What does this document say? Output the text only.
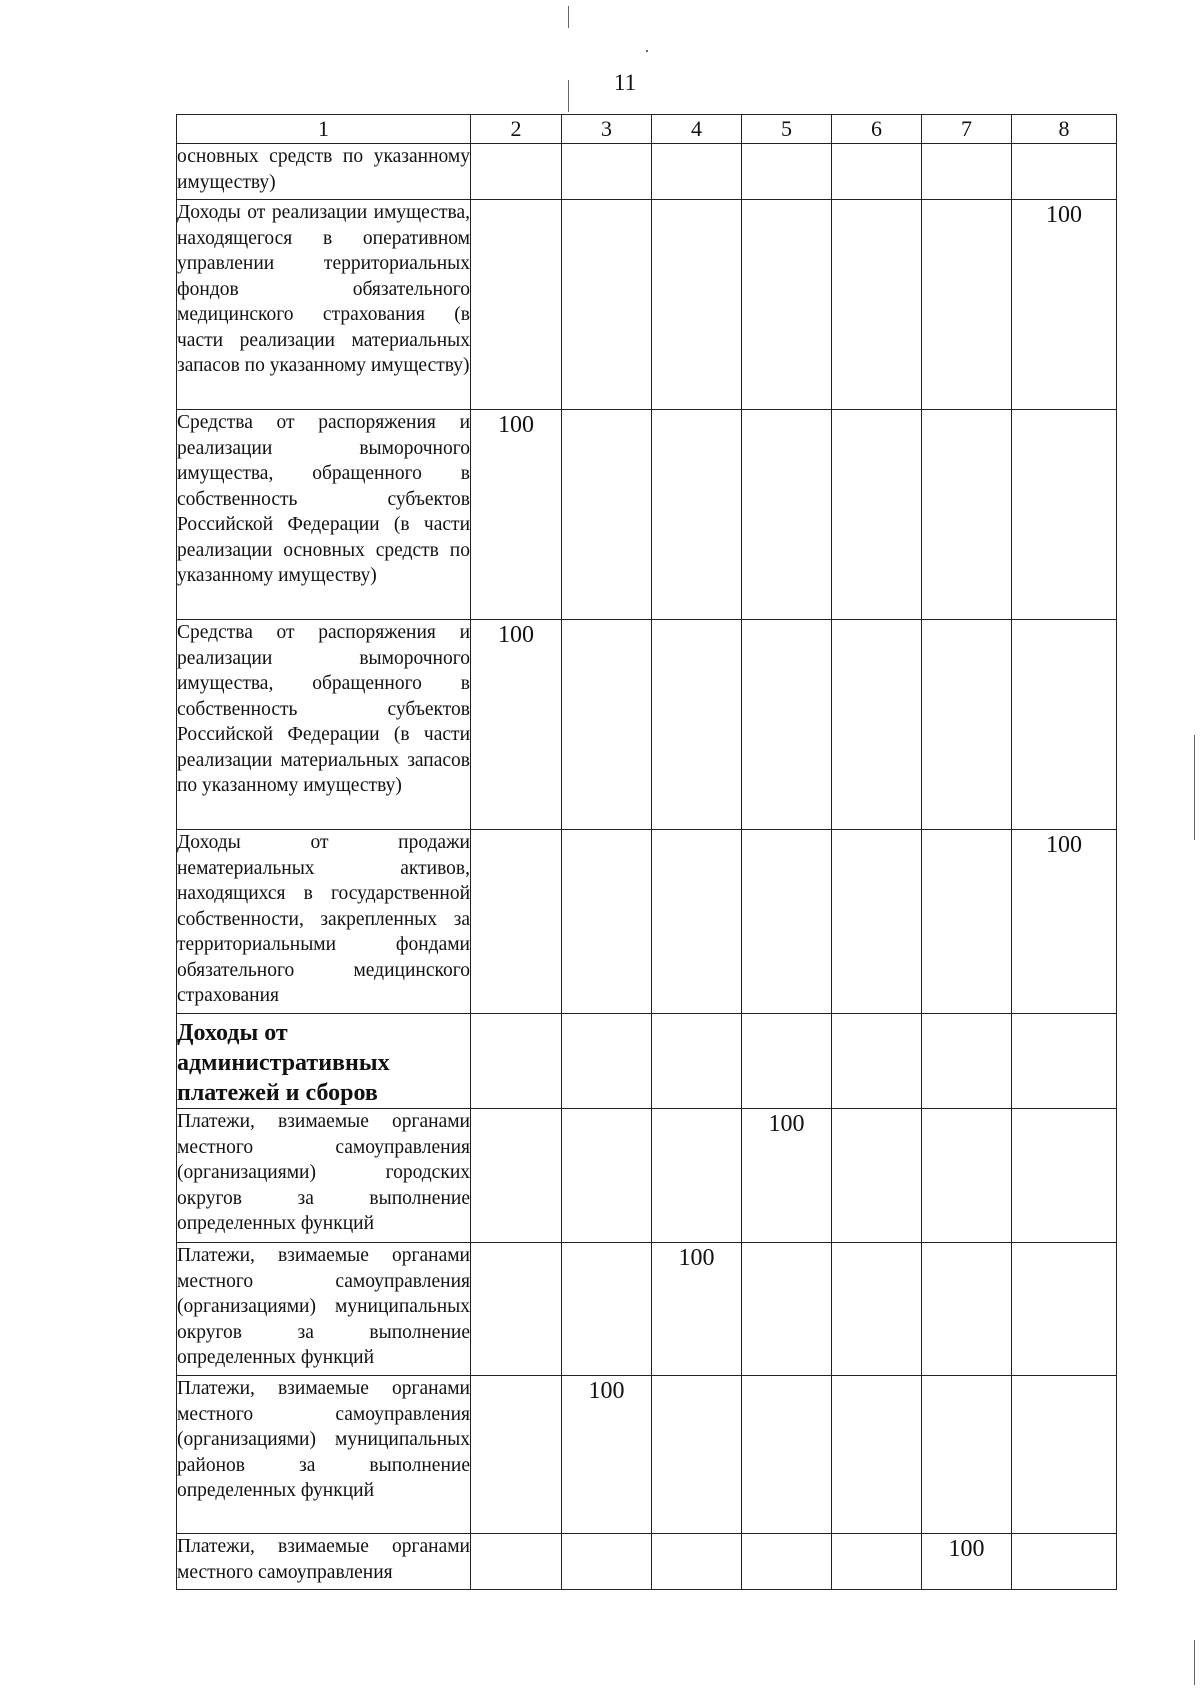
11
1	2	3	4	5	6	7	8
основных средств по указанному имуществу)							
Доходы от реализации имущества, находящегося в оперативном управлении территориальных фондов обязательного медицинского страхования (в части реализации материальных запасов по указанному имуществу)							100
Средства от распоряжения и реализации выморочного имущества, обращенного в собственность субъектов Российской Федерации (в части реализации основных средств по указанному имуществу)	100						
Средства от распоряжения и реализации выморочного имущества, обращенного в собственность субъектов Российской Федерации (в части реализации материальных запасов по указанному имуществу)	100						
Доходы от продажи нематериальных активов, находящихся в государственной собственности, закрепленных за территориальными фондами обязательного медицинского страхования							100
Доходы от административных платежей и сборов							
Платежи, взимаемые органами местного самоуправления (организациями) городских округов за выполнение определенных функций				100			
Платежи, взимаемые органами местного самоуправления (организациями) муниципальных округов за выполнение определенных функций			100				
Платежи, взимаемые органами местного самоуправления (организациями) муниципальных районов за выполнение определенных функций		100					
Платежи, взимаемые органами местного самоуправления						100	
